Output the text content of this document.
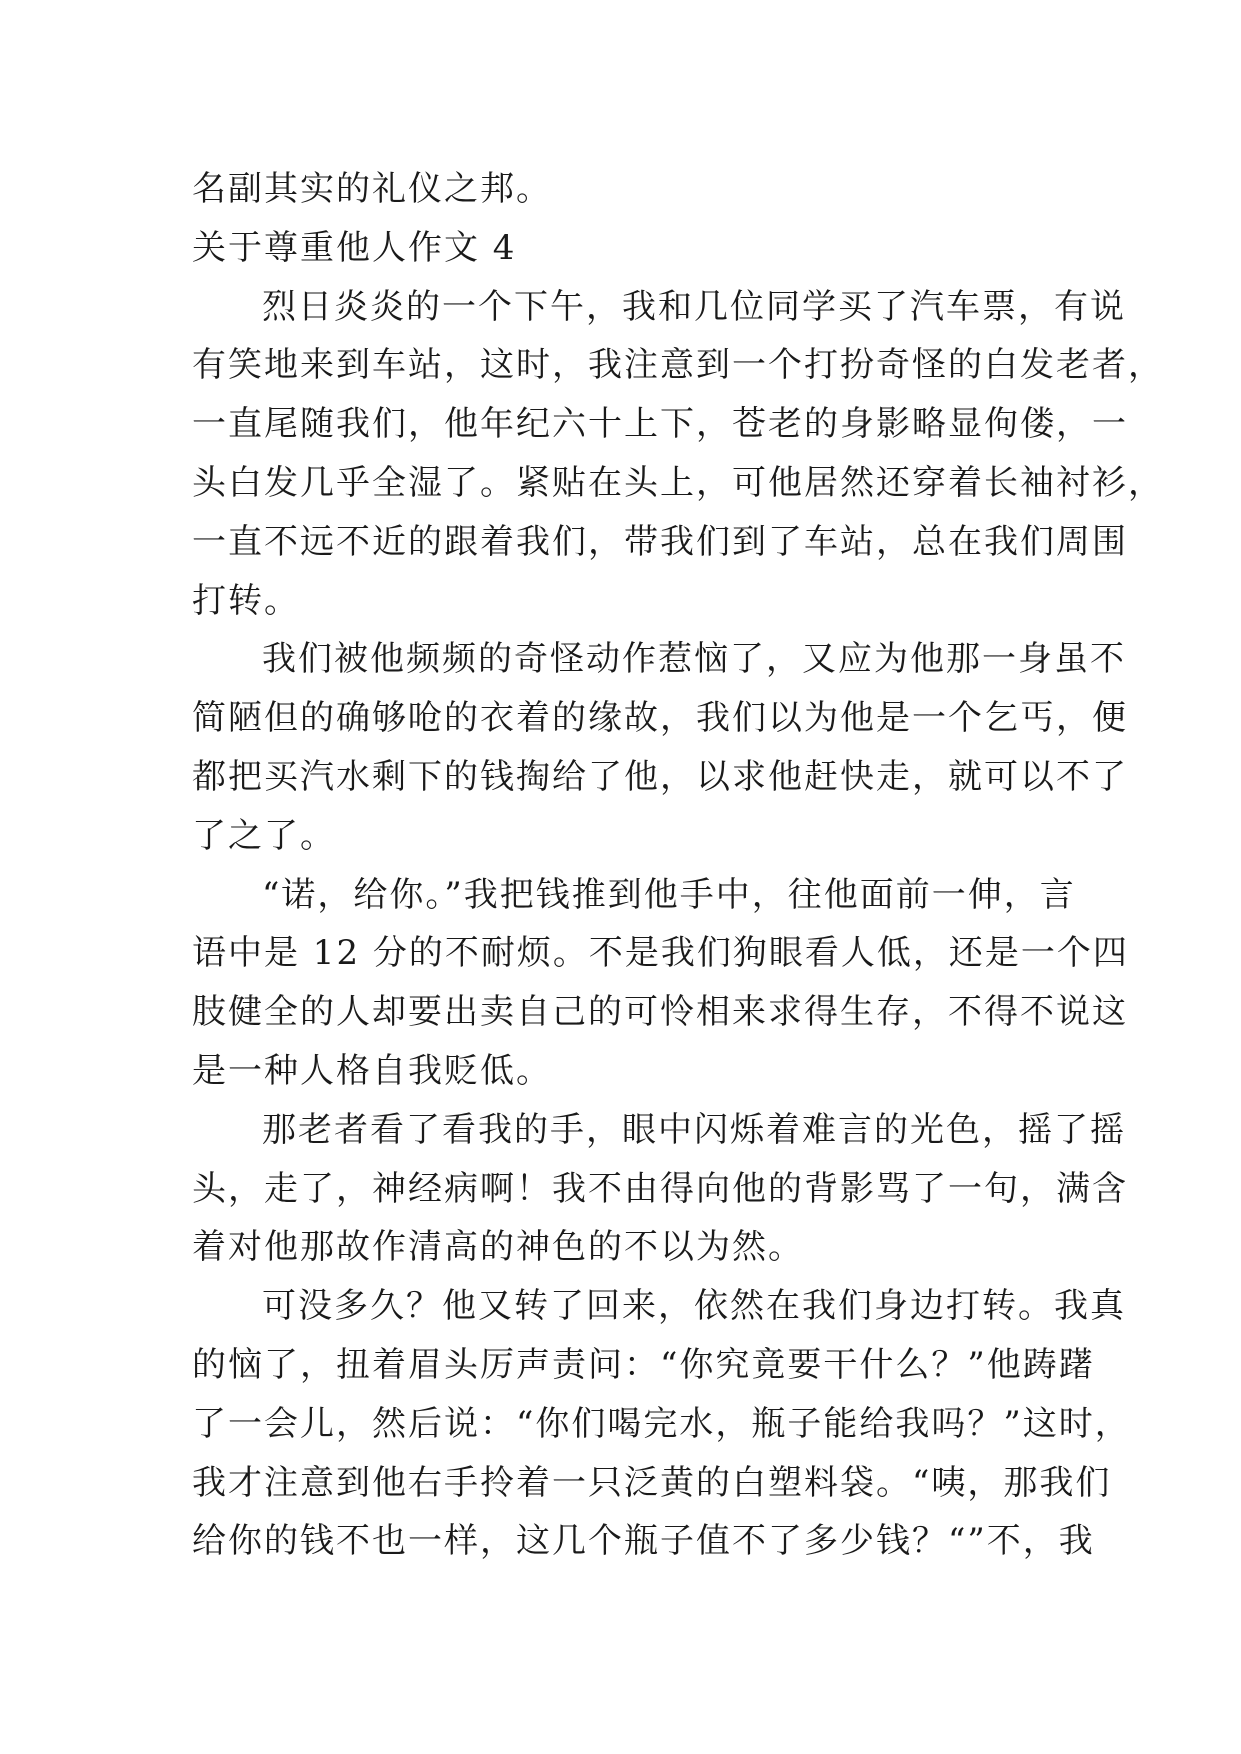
名副其实的礼仪之邦。
关于尊重他人作文 4
烈日炎炎的一个下午，我和几位同学买了汽车票，有说
有笑地来到车站，这时，我注意到一个打扮奇怪的白发老者，
一直尾随我们，他年纪六十上下，苍老的身影略显佝偻，一
头白发几乎全湿了。紧贴在头上，可他居然还穿着长袖衬衫，
一直不远不近的跟着我们，带我们到了车站，总在我们周围
打转。
我们被他频频的奇怪动作惹恼了，又应为他那一身虽不
简陋但的确够呛的衣着的缘故，我们以为他是一个乞丐，便
都把买汽水剩下的钱掏给了他，以求他赶快走，就可以不了
了之了。
“诺，给你。”我把钱推到他手中，往他面前一伸，言
语中是 12 分的不耐烦。不是我们狗眼看人低，还是一个四
肢健全的人却要出卖自己的可怜相来求得生存，不得不说这
是一种人格自我贬低。
那老者看了看我的手，眼中闪烁着难言的光色，摇了摇
头，走了，神经病啊！我不由得向他的背影骂了一句，满含
着对他那故作清高的神色的不以为然。
可没多久？他又转了回来，依然在我们身边打转。我真
的恼了，扭着眉头厉声责问：“你究竟要干什么？”他踌躇
了一会儿，然后说：“你们喝完水，瓶子能给我吗？”这时，
我才注意到他右手拎着一只泛黄的白塑料袋。“咦，那我们
给你的钱不也一样，这几个瓶子值不了多少钱？“”不，我
